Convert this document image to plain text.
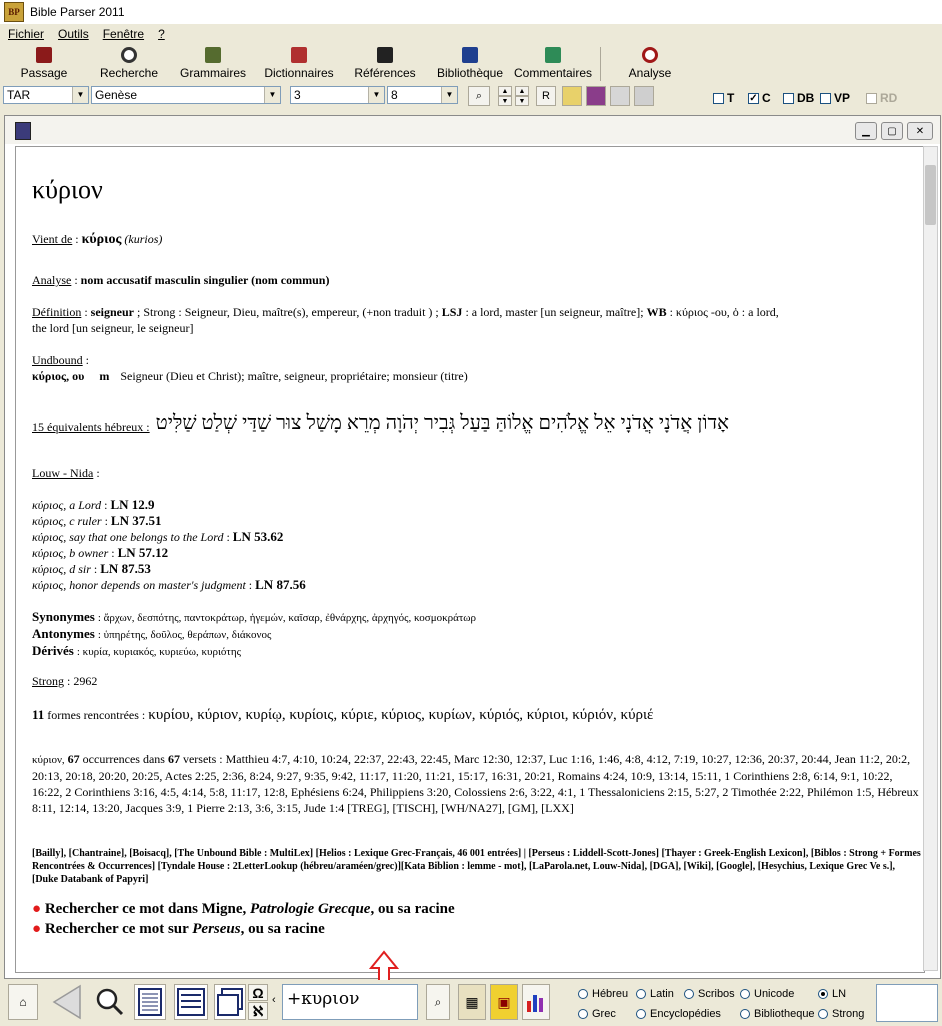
BP Bible Parser 2011
Fichier Outils Fenêtre ?
Passage	Recherche Grammaires Dictionnaires Références Bibliothèque Commentaires	Analyse
TAR	▼ Genèse	▼	3	▼ 8	▼	⌕	▲
▼
▲
▼	R	T ✓ C DB VP RD
▁	▢	✕
κύριον
Vient de : κύριος (kurios)
Analyse : nom accusatif masculin singulier (nom commun)
Définition : seigneur ; Strong : Seigneur, Dieu, maître(s), empereur, (+non traduit ) ; LSJ : a lord, master [un seigneur, maître]; WB : κύριος -ου, ὁ : a lord,
the lord [un seigneur, le seigneur]
Undbound :
κύριος, ου m Seigneur (Dieu et Christ); maître, seigneur, propriétaire; monsieur (titre)
15 équivalents hébreux : אָדוֹן אֲדֹנָי אֲדֹנָי אֵל אֱלֹהִים אֱלוֹהַּ בַּעַל גְּבִיר יְהֹוָה מְרֵא מָשַׁל צוּר שַׁדַּי שְׁלַט שַׁלִּיט
Louw - Nida :
κύριος, a Lord : LN 12.9
κύριος, c ruler : LN 37.51
κύριος, say that one belongs to the Lord : LN 53.62
κύριος, b owner : LN 57.12
κύριος, d sir : LN 87.53
κύριος, honor depends on master's judgment : LN 87.56
Synonymes : ἄρχων, δεσπότης, παντοκράτωρ, ἡγεμών, καῖσαρ, ἐθνάρχης, ἀρχηγός, κοσμοκράτωρ
Antonymes : ὑπηρέτης, δοῦλος, θεράπων, διάκονος
Dérivés : κυρία, κυριακός, κυριεύω, κυριότης
Strong : 2962
11 formes rencontrées : κυρίου, κύριον, κυρίῳ, κυρίοις, κύριε, κύριος, κυρίων, κύριός, κύριοι, κύριόν, κύριέ
κύριον, 67 occurrences dans 67 versets : Matthieu 4:7, 4:10, 10:24, 22:37, 22:43, 22:45, Marc 12:30, 12:37, Luc 1:16, 1:46, 4:8, 4:12, 7:19, 10:27, 12:36, 20:37, 20:44, Jean 11:2, 20:2, 20:13, 20:18, 20:20, 20:25, Actes 2:25, 2:36, 8:24, 9:27, 9:35, 9:42, 11:17, 11:20, 11:21, 15:17, 16:31, 20:21, Romains 4:24, 10:9, 13:14, 15:11, 1 Corinthiens 2:8, 6:14, 9:1, 10:22, 16:22, 2 Corinthiens 3:16, 4:5, 4:14, 5:8, 11:17, 12:8, Ephésiens 6:24, Philippiens 3:20, Colossiens 2:6, 3:22, 4:1, 1 Thessaloniciens 2:15, 5:27, 2 Timothée 2:22, Philémon 1:5, Hébreux 8:11, 12:14, 13:20, Jacques 3:9, 1 Pierre 2:13, 3:6, 3:15, Jude 1:4 [TREG], [TISCH], [WH/NA27], [GM], [LXX]
[Bailly], [Chantraine], [Boisacq], [The Unbound Bible : MultiLex] [Helios : Lexique Grec-Français, 46 001 entrées] | [Perseus : Liddell-Scott-Jones] [Thayer : Greek-English Lexicon], [Biblos : Strong + Formes Rencontrées & Occurrences] [Tyndale House : 2LetterLookup (hébreu/araméen/grec)][Kata Biblion : lemme - mot], [LaParola.net, Louw-Nida], [DGA], [Wiki], [Google], [Hesychius, Lexique Grec Ve s.], [Duke Databank of Papyri]
● Rechercher ce mot dans Migne, Patrologie Grecque, ou sa racine
● Rechercher ce mot sur Perseus, ou sa racine
⌂
Ω
ℵ
‹ +κυριον	⌕ ▦ ▣	Hébreu Latin Scribos Unicode	LN
Grec	Encyclopédies	Bibliotheque Strong
